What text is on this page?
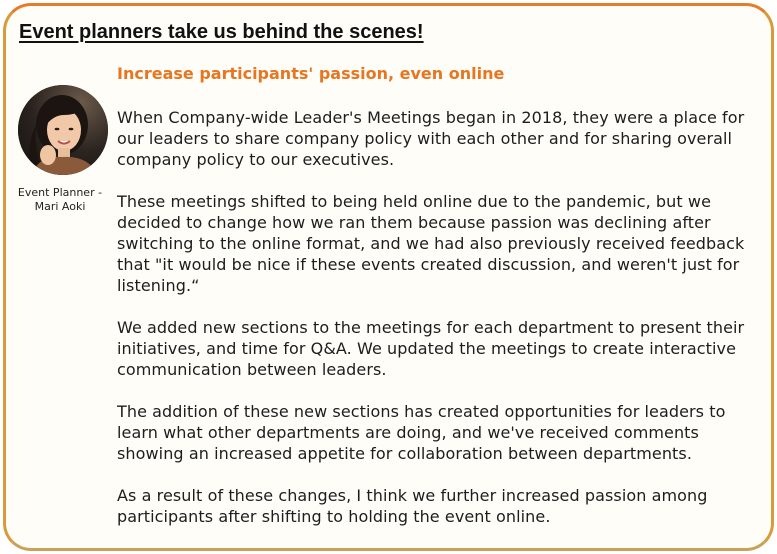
Event planners take us behind the scenes!
Increase participants' passion, even online

Event Planner -
Mari Aoki

When Company-wide Leader's Meetings began in 2018, they were a place for our leaders to share company policy with each other and for sharing overall company policy to our executives.

These meetings shifted to being held online due to the pandemic, but we decided to change how we ran them because passion was declining after switching to the online format, and we had also previously received feedback that "it would be nice if these events created discussion, and weren't just for listening.“

We added new sections to the meetings for each department to present their initiatives, and time for Q&A. We updated the meetings to create interactive communication between leaders.

The addition of these new sections has created opportunities for leaders to learn what other departments are doing, and we've received comments showing an increased appetite for collaboration between departments.

As a result of these changes, I think we further increased passion among participants after shifting to holding the event online.
